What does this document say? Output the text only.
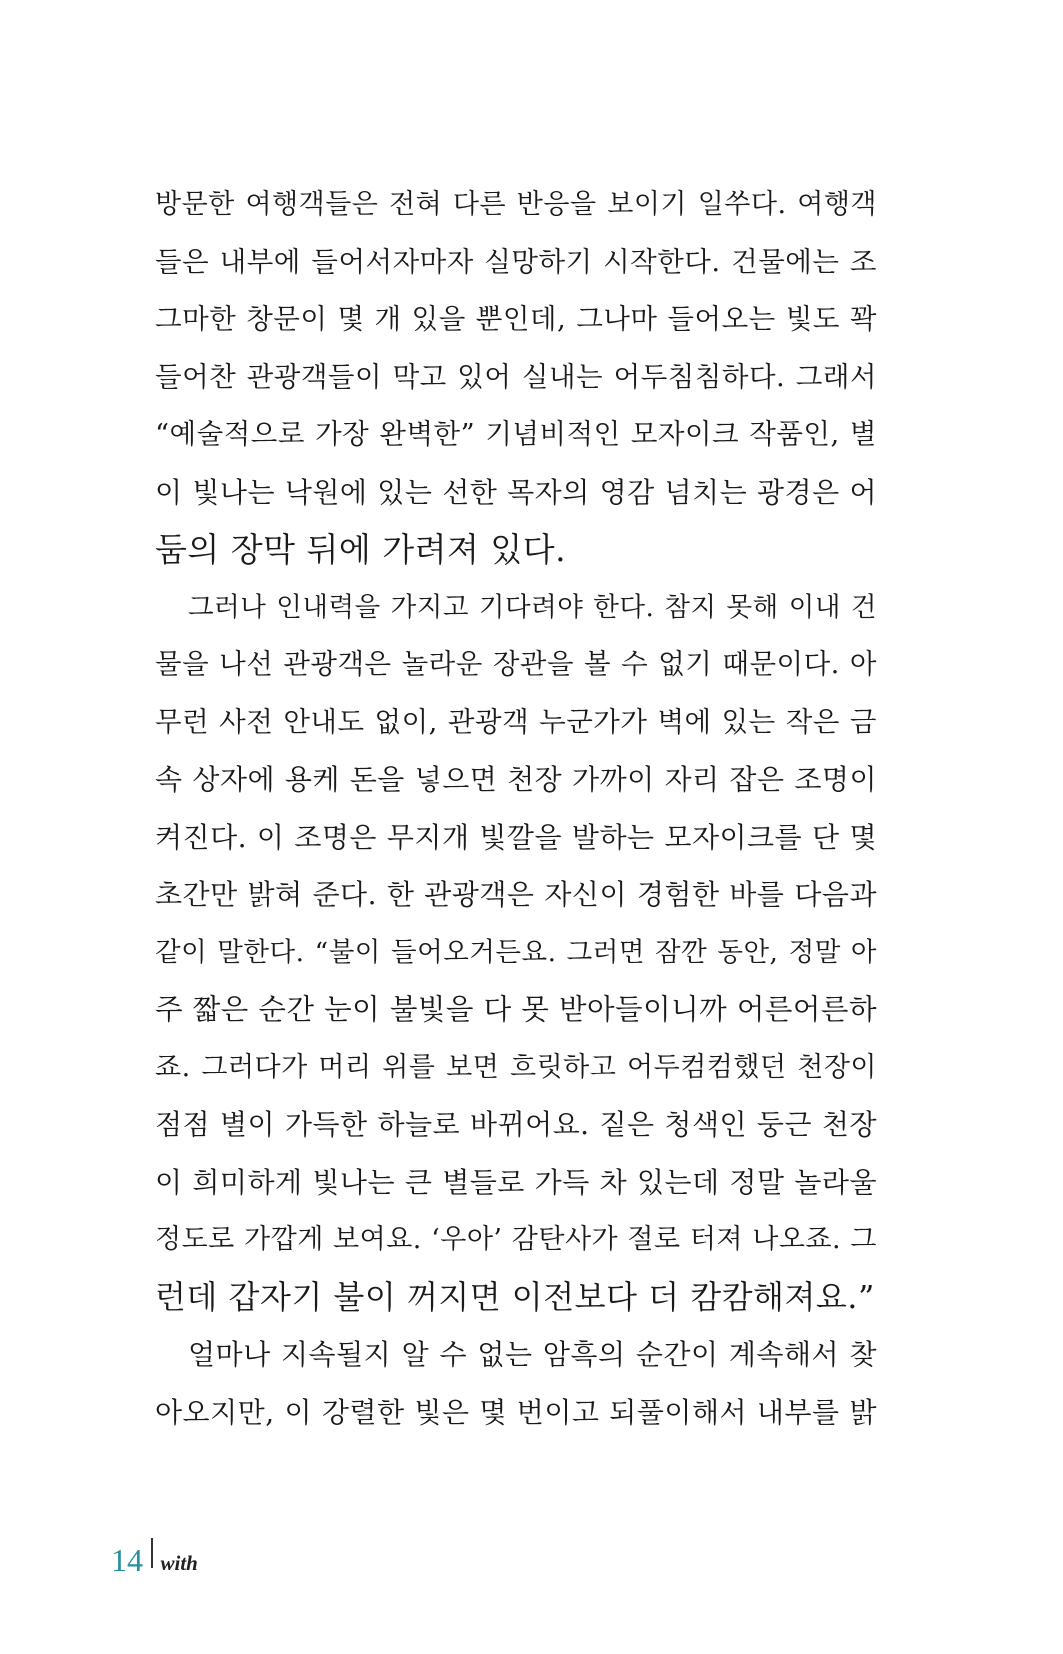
방문한 여행객들은 전혀 다른 반응을 보이기 일쑤다. 여행객
들은 내부에 들어서자마자 실망하기 시작한다. 건물에는 조
그마한 창문이 몇 개 있을 뿐인데, 그나마 들어오는 빛도 꽉
들어찬 관광객들이 막고 있어 실내는 어두침침하다. 그래서
“예술적으로 가장 완벽한” 기념비적인 모자이크 작품인, 별
이 빛나는 낙원에 있는 선한 목자의 영감 넘치는 광경은 어
둠의 장막 뒤에 가려져 있다.
그러나 인내력을 가지고 기다려야 한다. 참지 못해 이내 건
물을 나선 관광객은 놀라운 장관을 볼 수 없기 때문이다. 아
무런 사전 안내도 없이, 관광객 누군가가 벽에 있는 작은 금
속 상자에 용케 돈을 넣으면 천장 가까이 자리 잡은 조명이
켜진다. 이 조명은 무지개 빛깔을 발하는 모자이크를 단 몇
초간만 밝혀 준다. 한 관광객은 자신이 경험한 바를 다음과
같이 말한다. “불이 들어오거든요. 그러면 잠깐 동안, 정말 아
주 짧은 순간 눈이 불빛을 다 못 받아들이니까 어른어른하
죠. 그러다가 머리 위를 보면 흐릿하고 어두컴컴했던 천장이
점점 별이 가득한 하늘로 바뀌어요. 짙은 청색인 둥근 천장
이 희미하게 빛나는 큰 별들로 가득 차 있는데 정말 놀라울
정도로 가깝게 보여요. ‘우아’ 감탄사가 절로 터져 나오죠. 그
런데 갑자기 불이 꺼지면 이전보다 더 캄캄해져요.”
얼마나 지속될지 알 수 없는 암흑의 순간이 계속해서 찾
아오지만, 이 강렬한 빛은 몇 번이고 되풀이해서 내부를 밝
14 with
